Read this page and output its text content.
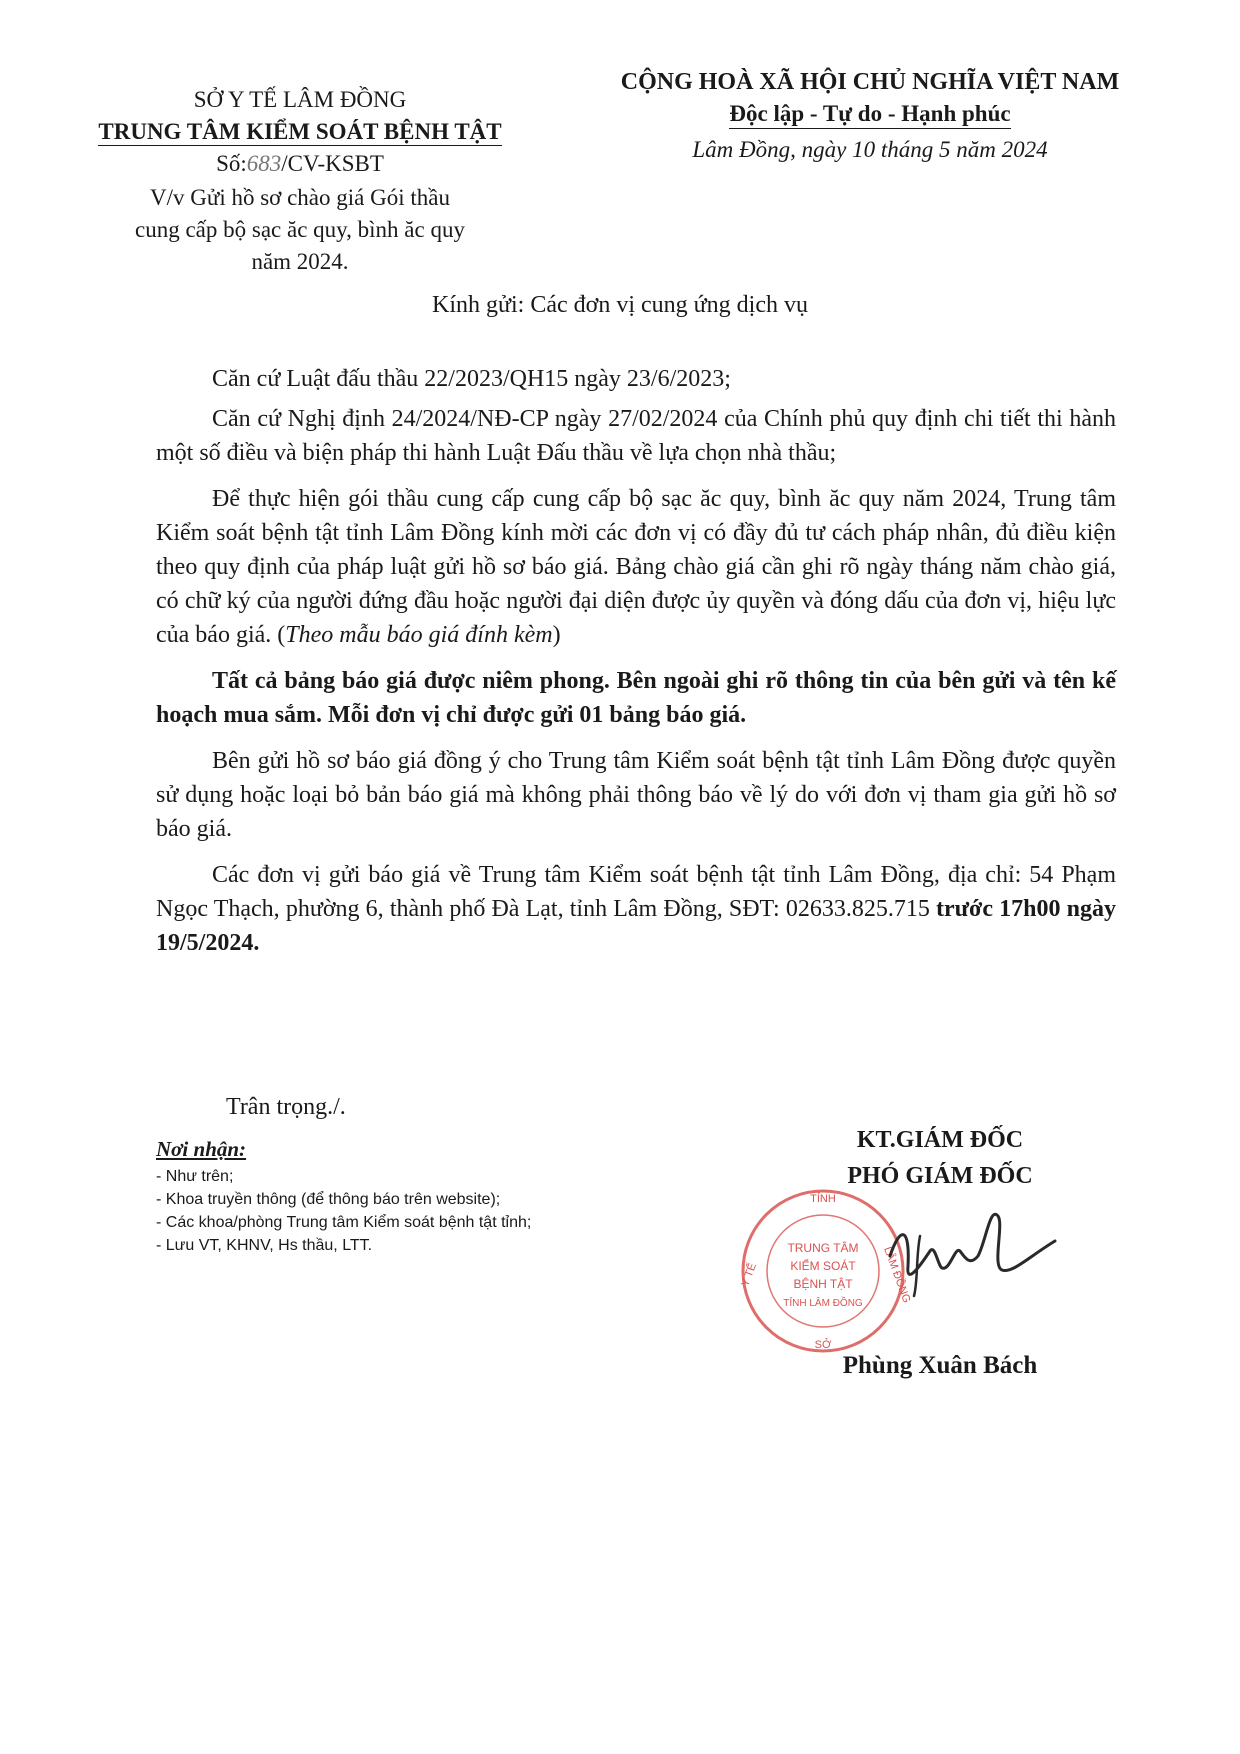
SỞ Y TẾ LÂM ĐỒNG
TRUNG TÂM KIỂM SOÁT BỆNH TẬT
Số:683/CV-KSBT
V/v Gửi hồ sơ chào giá Gói thầu
cung cấp bộ sạc ăc quy, bình ăc quy
năm 2024.
CỘNG HOÀ XÃ HỘI CHỦ NGHĨA VIỆT NAM
Độc lập - Tự do - Hạnh phúc
Lâm Đồng, ngày 10 tháng 5 năm 2024
Kính gửi: Các đơn vị cung ứng dịch vụ

Căn cứ Luật đấu thầu 22/2023/QH15 ngày 23/6/2023;

Căn cứ Nghị định 24/2024/NĐ-CP ngày 27/02/2024 của Chính phủ quy định chi tiết thi hành một số điều và biện pháp thi hành Luật Đấu thầu về lựa chọn nhà thầu;

Để thực hiện gói thầu cung cấp cung cấp bộ sạc ăc quy, bình ăc quy năm 2024, Trung tâm Kiểm soát bệnh tật tỉnh Lâm Đồng kính mời các đơn vị có đầy đủ tư cách pháp nhân, đủ điều kiện theo quy định của pháp luật gửi hồ sơ báo giá. Bảng chào giá cần ghi rõ ngày tháng năm chào giá, có chữ ký của người đứng đầu hoặc người đại diện được ủy quyền và đóng dấu của đơn vị, hiệu lực của báo giá. (Theo mẫu báo giá đính kèm)

Tất cả bảng báo giá được niêm phong. Bên ngoài ghi rõ thông tin của bên gửi và tên kế hoạch mua sắm. Mỗi đơn vị chỉ được gửi 01 bảng báo giá.

Bên gửi hồ sơ báo giá đồng ý cho Trung tâm Kiểm soát bệnh tật tỉnh Lâm Đồng được quyền sử dụng hoặc loại bỏ bản báo giá mà không phải thông báo về lý do với đơn vị tham gia gửi hồ sơ báo giá.

Các đơn vị gửi báo giá về Trung tâm Kiểm soát bệnh tật tỉnh Lâm Đồng, địa chỉ: 54 Phạm Ngọc Thạch, phường 6, thành phố Đà Lạt, tỉnh Lâm Đồng, SĐT: 02633.825.715 trước 17h00 ngày 19/5/2024.

Trân trọng./.
Nơi nhận:
- Như trên;
- Khoa truyền thông (để thông báo trên website);
- Các khoa/phòng Trung tâm Kiểm soát bệnh tật tỉnh;
- Lưu VT, KHNV, Hs thầu, LTT.
KT.GIÁM ĐỐC
PHÓ GIÁM ĐỐC
TỈNH
Y TẾ	LÂM ĐỒNG
SỞ
TRUNG TÂM
KIỂM SOÁT
BỆNH TẬT
TỈNH LÂM ĐỒNG
Phùng Xuân Bách
